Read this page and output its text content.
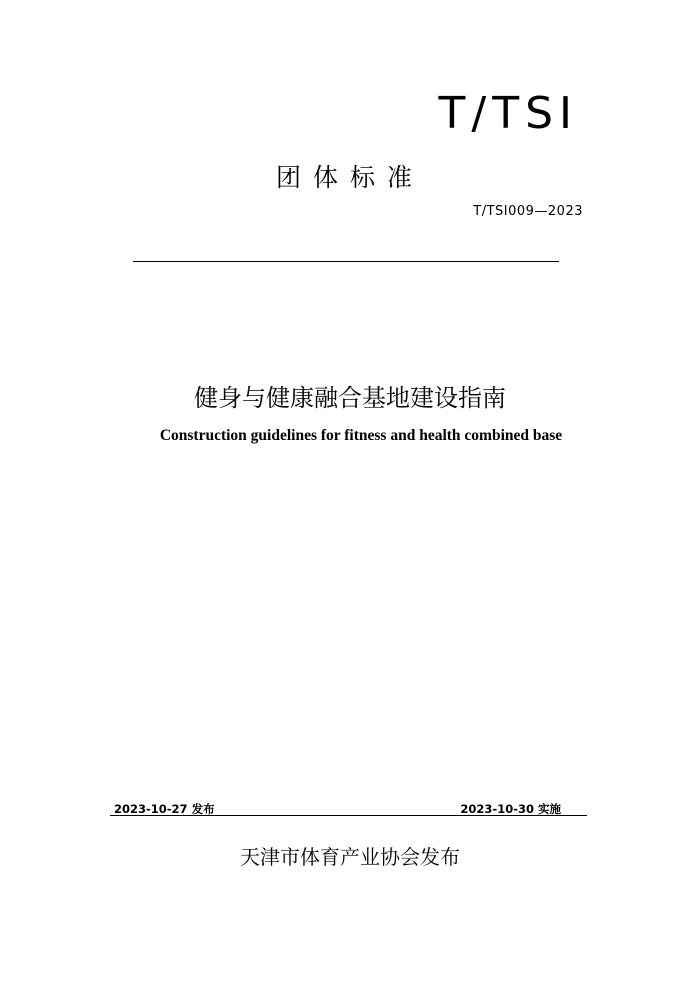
T/TSI
团体标准
T/TSI009—2023
健身与健康融合基地建设指南
Construction guidelines for fitness and health combined base
2023-10-27 发布	2023-10-30 实施
天津市体育产业协会发布
